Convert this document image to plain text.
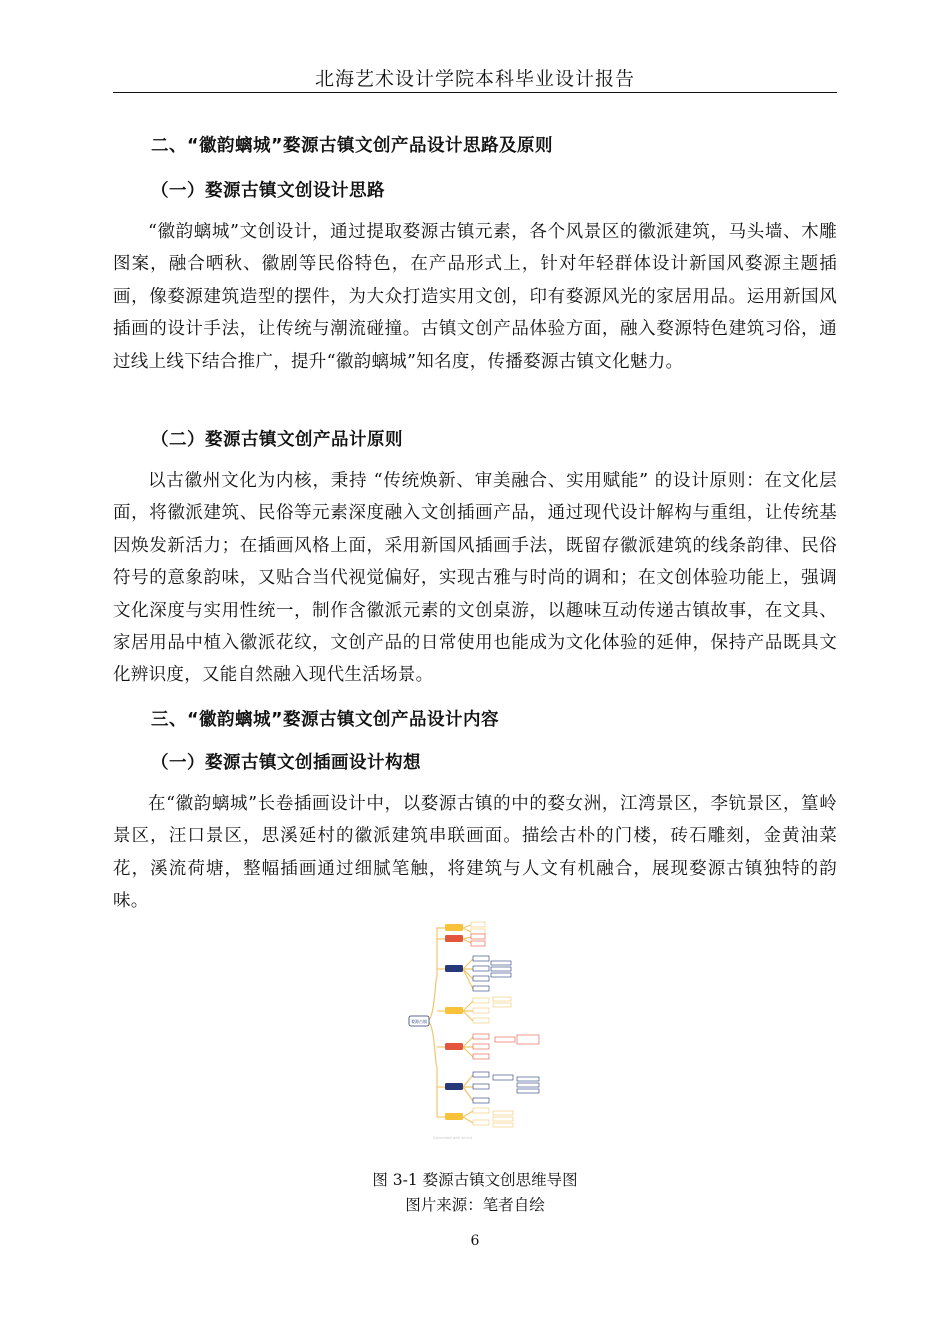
北海艺术设计学院本科毕业设计报告
二、“徽韵螭城”婺源古镇文创产品设计思路及原则
（一）婺源古镇文创设计思路
“徽韵螭城”文创设计，通过提取婺源古镇元素，各个风景区的徽派建筑，马头墙、木雕图案，融合晒秋、徽剧等民俗特色，在产品形式上，针对年轻群体设计新国风婺源主题插画，像婺源建筑造型的摆件，为大众打造实用文创，印有婺源风光的家居用品。运用新国风插画的设计手法，让传统与潮流碰撞。古镇文创产品体验方面，融入婺源特色建筑习俗，通过线上线下结合推广，提升“徽韵螭城”知名度，传播婺源古镇文化魅力。
（二）婺源古镇文创产品计原则
以古徽州文化为内核，秉持 “传统焕新、审美融合、实用赋能” 的设计原则：在文化层面，将徽派建筑、民俗等元素深度融入文创插画产品，通过现代设计解构与重组，让传统基因焕发新活力；在插画风格上面，采用新国风插画手法，既留存徽派建筑的线条韵律、民俗符号的意象韵味，又贴合当代视觉偏好，实现古雅与时尚的调和；在文创体验功能上，强调文化深度与实用性统一，制作含徽派元素的文创桌游，以趣味互动传递古镇故事，在文具、家居用品中植入徽派花纹，文创产品的日常使用也能成为文化体验的延伸，保持产品既具文化辨识度，又能自然融入现代生活场景。
三、“徽韵螭城”婺源古镇文创产品设计内容
（一）婺源古镇文创插画设计构想
在“徽韵螭城”长卷插画设计中，以婺源古镇的中的婺女洲，江湾景区，李钪景区，篁岭景区，汪口景区，思溪延村的徽派建筑串联画面。描绘古朴的门楼，砖石雕刻，金黄油菜花，溪流荷塘，整幅插画通过细腻笔触，将建筑与人文有机融合，展现婺源古镇独特的韵味。
婺源古镇
Generated with xmind
图 3-1 婺源古镇文创思维导图
图片来源：笔者自绘
6
